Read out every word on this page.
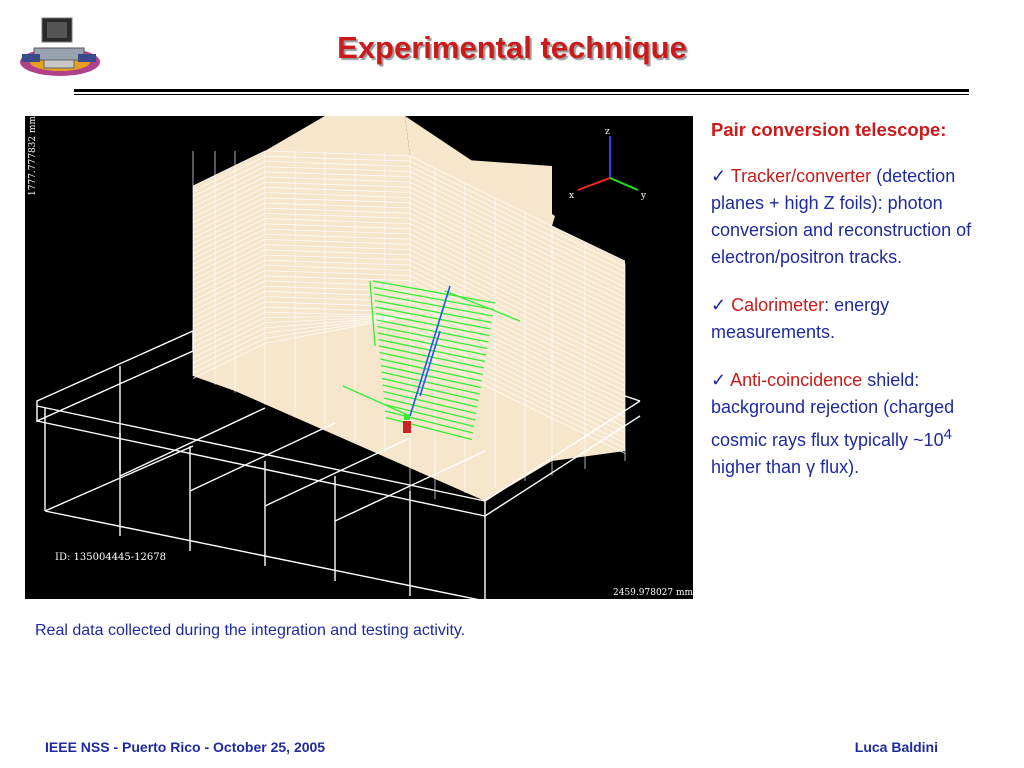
Experimental technique
z
x	y
1777.777832 mm
ID: 135004445-12678
2459.978027 mm
Pair conversion telescope:

✓ Tracker/converter (detection planes + high Z foils): photon conversion and reconstruction of electron/positron tracks.

✓ Calorimeter: energy measurements.

✓ Anti-coincidence shield: background rejection (charged cosmic rays flux typically $\sim 10^4$ higher than γ flux).

Real data collected during the integration and testing activity.
IEEE NSS - Puerto Rico - October 25, 2005	Luca Baldini
